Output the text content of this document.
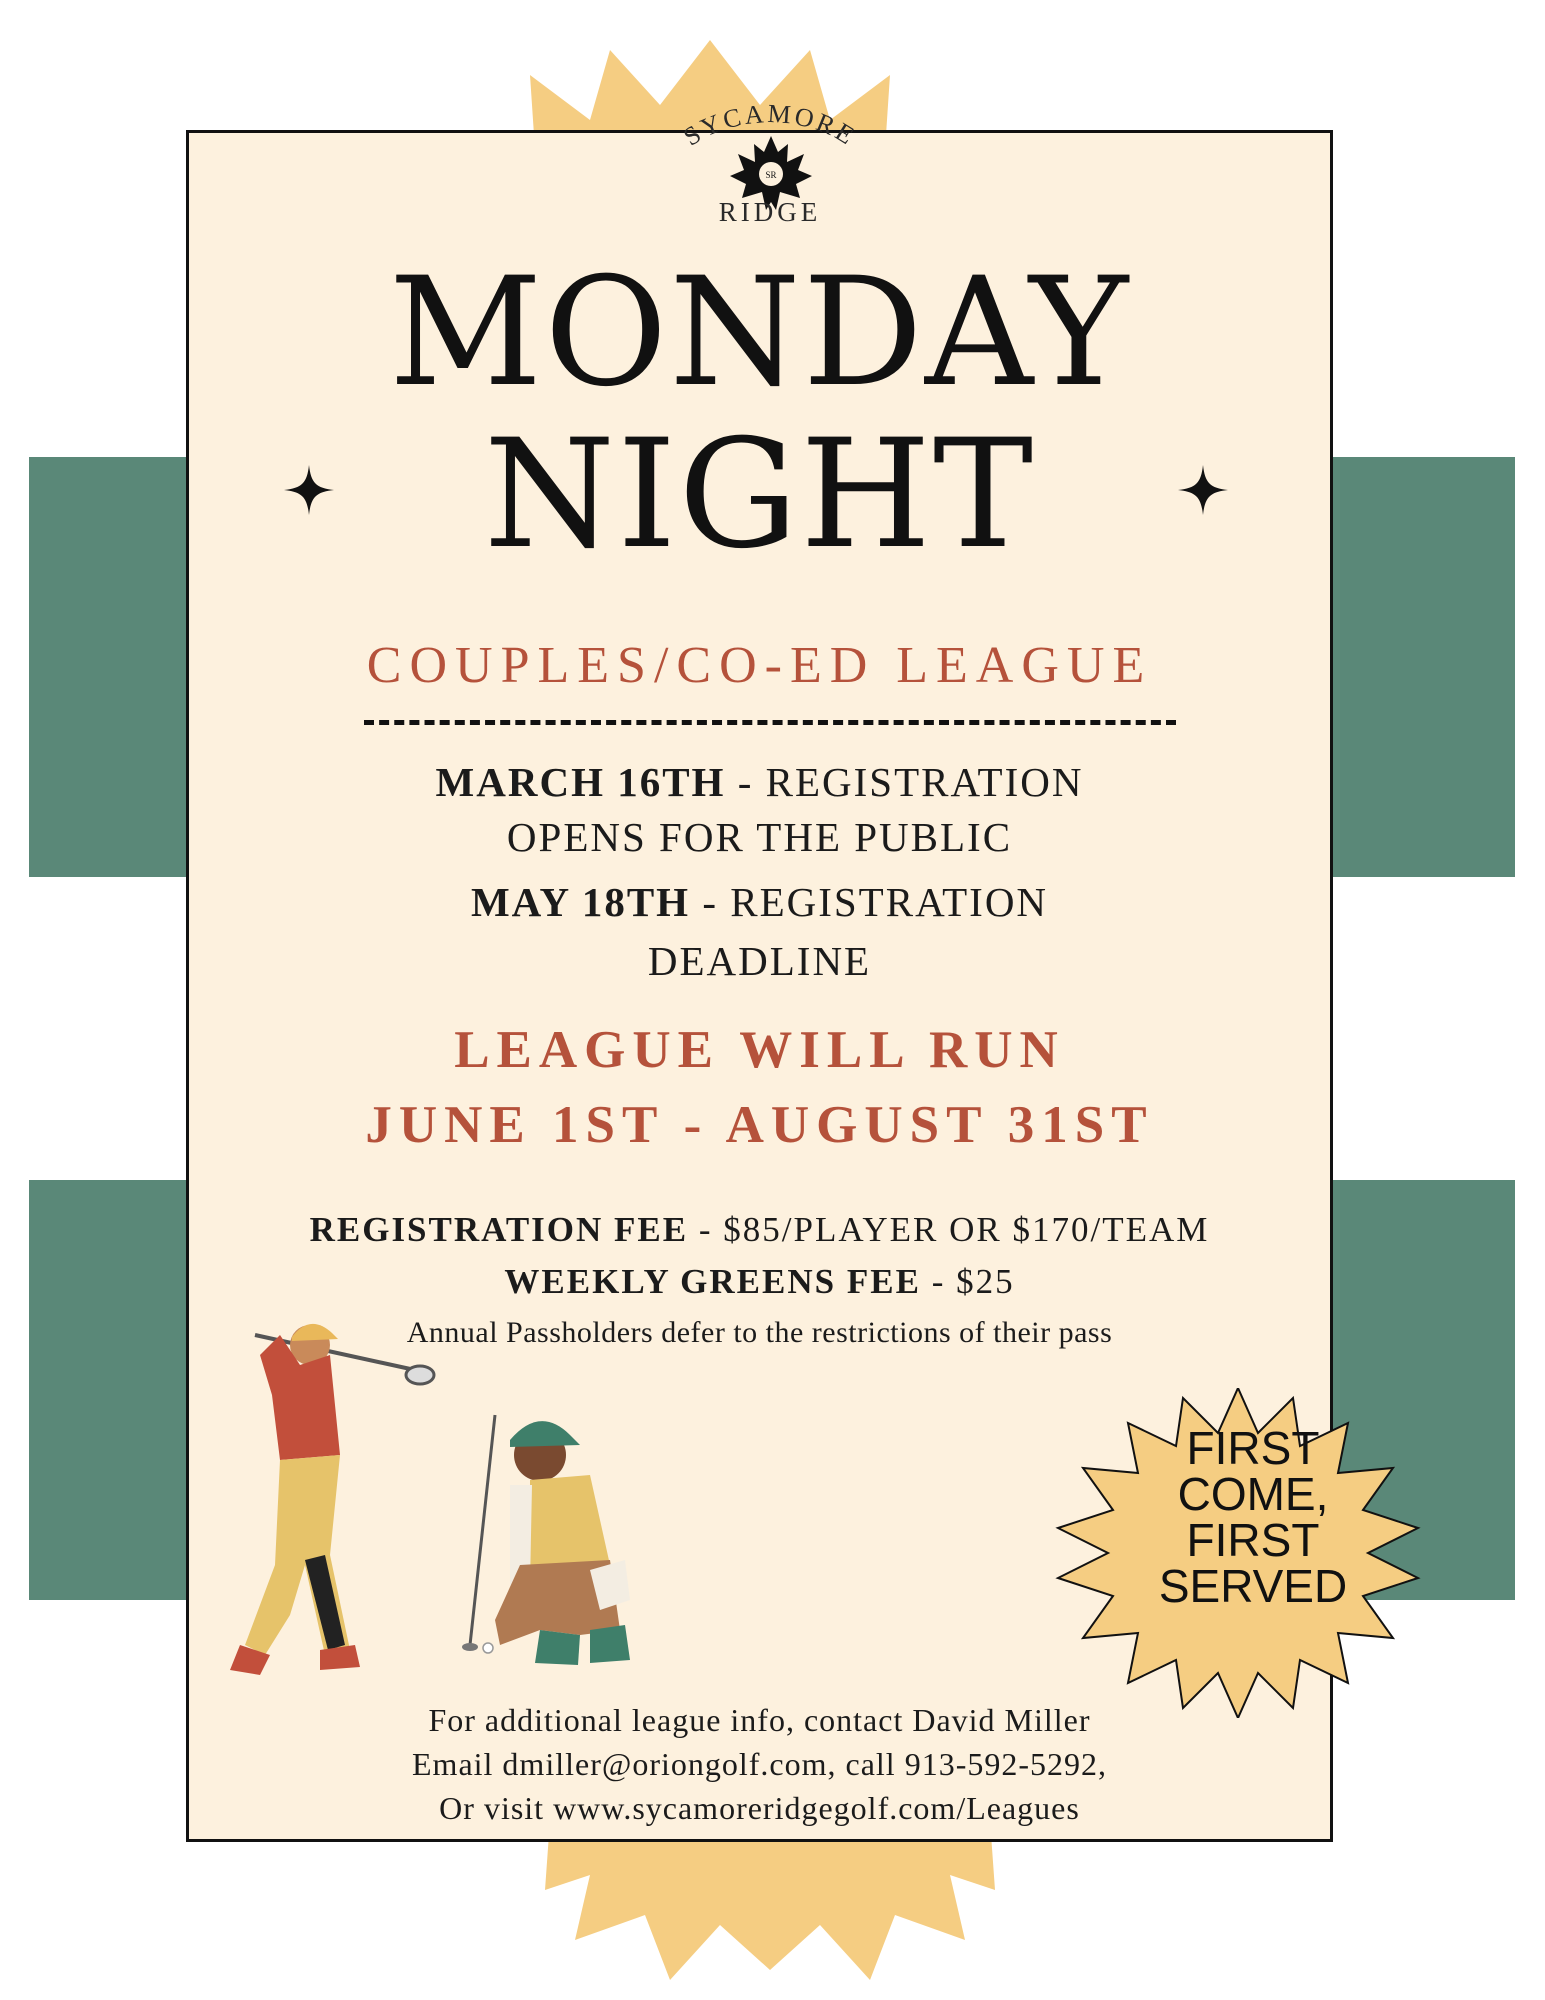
SYCAMORE
SR
RIDGE
MONDAY
NIGHT
COUPLES/CO-ED LEAGUE
MARCH 16TH - REGISTRATION
OPENS FOR THE PUBLIC
MAY 18TH - REGISTRATION
DEADLINE
LEAGUE WILL RUN
JUNE 1ST - AUGUST 31ST
REGISTRATION FEE - $85/PLAYER OR $170/TEAM
WEEKLY GREENS FEE - $25
Annual Passholders defer to the restrictions of their pass
FIRST
COME,
FIRST
SERVED
For additional league info, contact David Miller
Email dmiller@oriongolf.com, call 913-592-5292,
Or visit www.sycamoreridgegolf.com/Leagues
